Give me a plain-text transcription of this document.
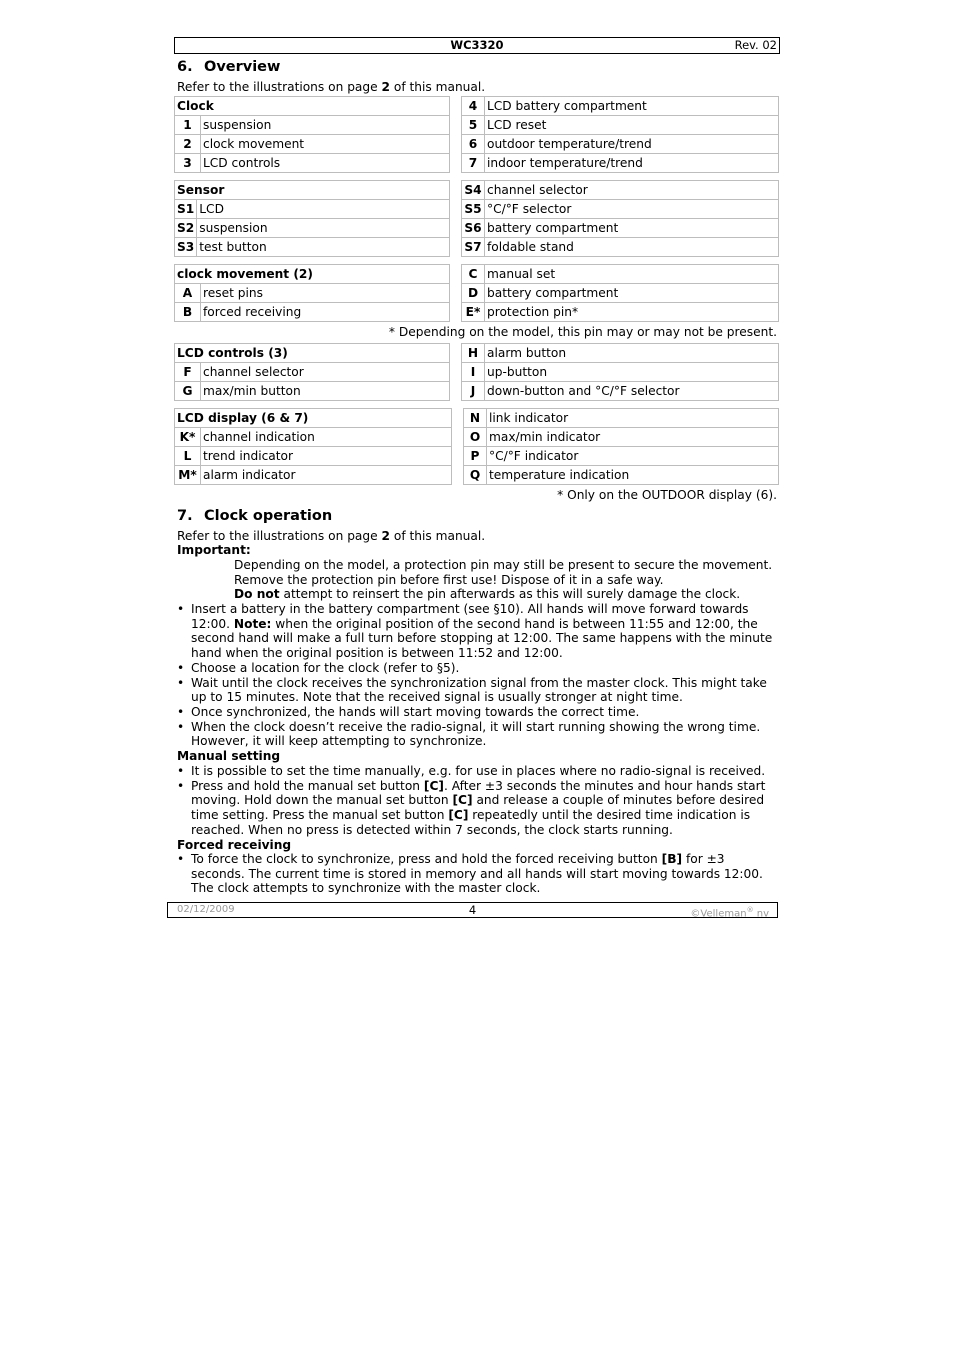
WC3320	Rev. 02
6. Overview

Refer to the illustrations on page 2 of this manual.

Clock	
1	suspension
2	clock movement
3	LCD controls
Sensor	
S1	LCD
S2	suspension
S3	test button
clock movement (2)	
A	reset pins
B	forced receiving
LCD controls (3)	
F	channel selector
G	max/min button
LCD display (6 & 7)	
K*	channel indication
L	trend indicator
M*	alarm indicator
4	LCD battery compartment
5	LCD reset
6	outdoor temperature/trend
7	indoor temperature/trend
S4	channel selector
S5	°C/°F selector
S6	battery compartment
S7	foldable stand
C	manual set
D	battery compartment
E*	protection pin*
* Depending on the model, this pin may or may not be present.
H	alarm button
I	up-button
J	down-button and °C/°F selector
N	link indicator
O	max/min indicator
P	°C/°F indicator
Q	temperature indication
* Only on the OUTDOOR display (6).
7. Clock operation

Refer to the illustrations on page 2 of this manual.

Important:

Depending on the model, a protection pin may still be present to secure the movement.
Remove the protection pin before first use! Dispose of it in a safe way.
Do not attempt to reinsert the pin afterwards as this will surely damage the clock.
• Insert a battery in the battery compartment (see §10). All hands will move forward towards 12:00. Note: when the original position of the second hand is between 11:55 and 12:00, the second hand will make a full turn before stopping at 12:00. The same happens with the minute hand when the original position is between 11:52 and 12:00.
• Choose a location for the clock (refer to §5).
• Wait until the clock receives the synchronization signal from the master clock. This might take up to 15 minutes. Note that the received signal is usually stronger at night time.
• Once synchronized, the hands will start moving towards the correct time.
• When the clock doesn’t receive the radio-signal, it will start running showing the wrong time. However, it will keep attempting to synchronize.

Manual setting

• It is possible to set the time manually, e.g. for use in places where no radio-signal is received.
• Press and hold the manual set button [C]. After ±3 seconds the minutes and hour hands start moving. Hold down the manual set button [C] and release a couple of minutes before desired time setting. Press the manual set button [C] repeatedly until the desired time indication is reached. When no press is detected within 7 seconds, the clock starts running.

Forced receiving

• To force the clock to synchronize, press and hold the forced receiving button [B] for ±3 seconds. The current time is stored in memory and all hands will start moving towards 12:00. The clock attempts to synchronize with the master clock.
02/12/2009	4	©Velleman® nv
